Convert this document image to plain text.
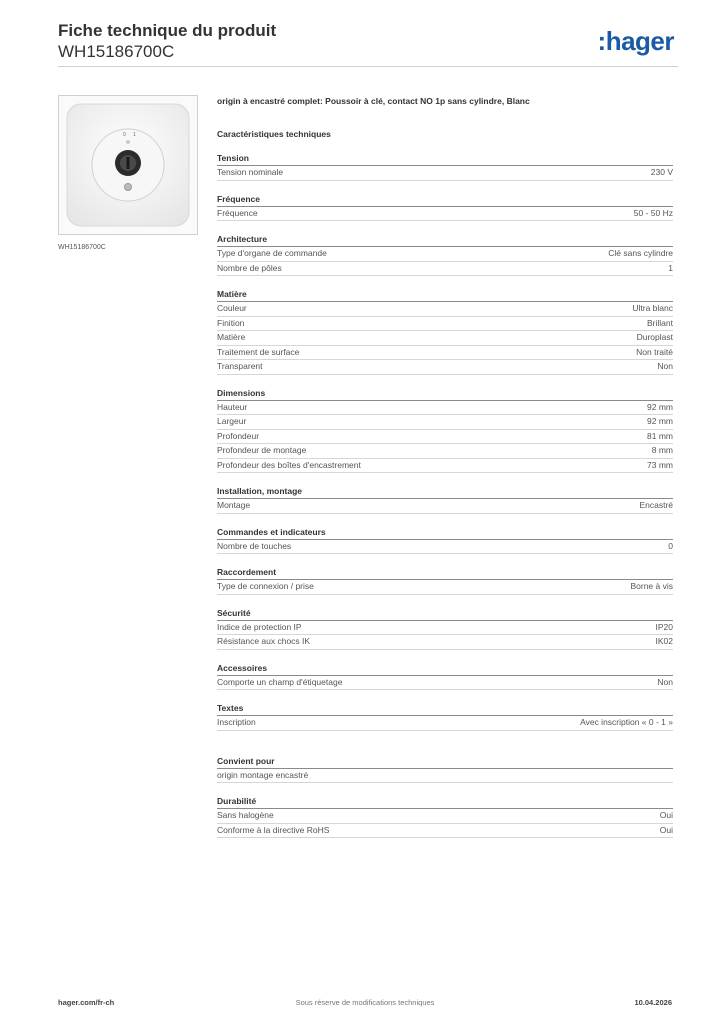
Fiche technique du produit
WH15186700C	:hager
0 1
WH15186700C
origin à encastré complet: Poussoir à clé, contact NO 1p sans cylindre, Blanc
Caractéristiques techniques
Tension
Tension nominale	230 V
Fréquence
Fréquence	50 - 50 Hz
Architecture
Type d'organe de commande	Clé sans cylindre
Nombre de pôles	1
Matière
Couleur	Ultra blanc
Finition	Brillant
Matière	Duroplast
Traitement de surface	Non traité
Transparent	Non
Dimensions
Hauteur	92 mm
Largeur	92 mm
Profondeur	81 mm
Profondeur de montage	8 mm
Profondeur des boîtes d'encastrement	73 mm
Installation, montage
Montage	Encastré
Commandes et indicateurs
Nombre de touches	0
Raccordement
Type de connexion / prise	Borne à vis
Sécurité
Indice de protection IP	IP20
Résistance aux chocs IK	IK02
Accessoires
Comporte un champ d'étiquetage	Non
Textes
Inscription	Avec inscription « 0 - 1 »
Convient pour
origin montage encastré
Durabilité
Sans halogène	Oui
Conforme à la directive RoHS	Oui
hager.com/fr-ch	Sous réserve de modifications techniques	10.04.2026
